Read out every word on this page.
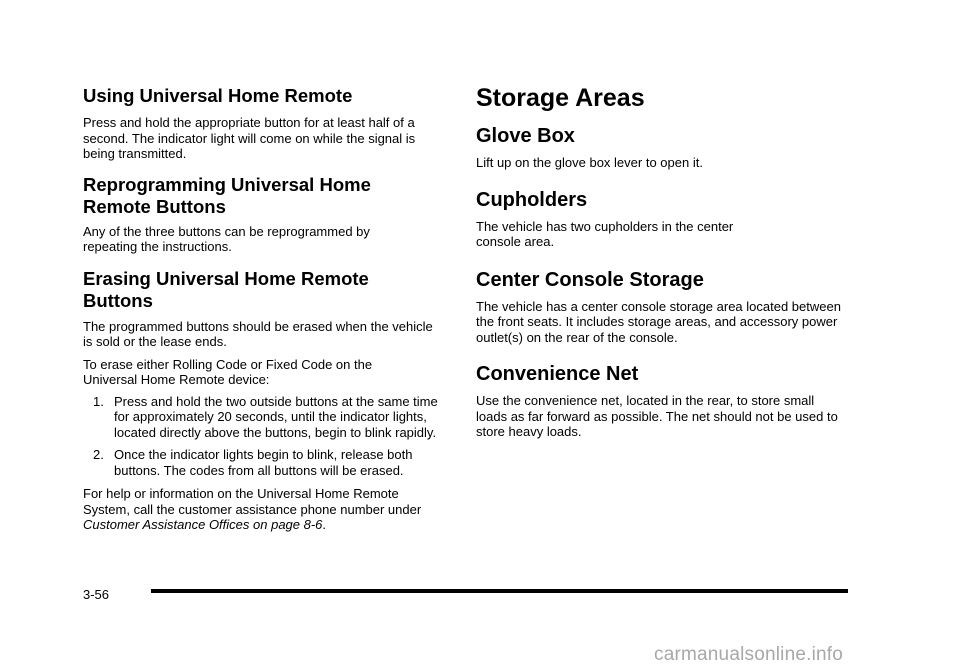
Using Universal Home Remote

Press and hold the appropriate button for at least half of a second. The indicator light will come on while the signal is being transmitted.

Reprogramming Universal Home Remote Buttons

Any of the three buttons can be reprogrammed by repeating the instructions.

Erasing Universal Home Remote Buttons

The programmed buttons should be erased when the vehicle is sold or the lease ends.

To erase either Rolling Code or Fixed Code on the Universal Home Remote device:

1. Press and hold the two outside buttons at the same time for approximately 20 seconds, until the indicator lights, located directly above the buttons, begin to blink rapidly.
2. Once the indicator lights begin to blink, release both buttons. The codes from all buttons will be erased.

For help or information on the Universal Home Remote System, call the customer assistance phone number under Customer Assistance Offices on page 8-6.

Storage Areas
Glove Box

Lift up on the glove box lever to open it.

Cupholders

The vehicle has two cupholders in the center console area.

Center Console Storage

The vehicle has a center console storage area located between the front seats. It includes storage areas, and accessory power outlet(s) on the rear of the console.

Convenience Net

Use the convenience net, located in the rear, to store small loads as far forward as possible. The net should not be used to store heavy loads.

3-56
carmanualsonline.info
